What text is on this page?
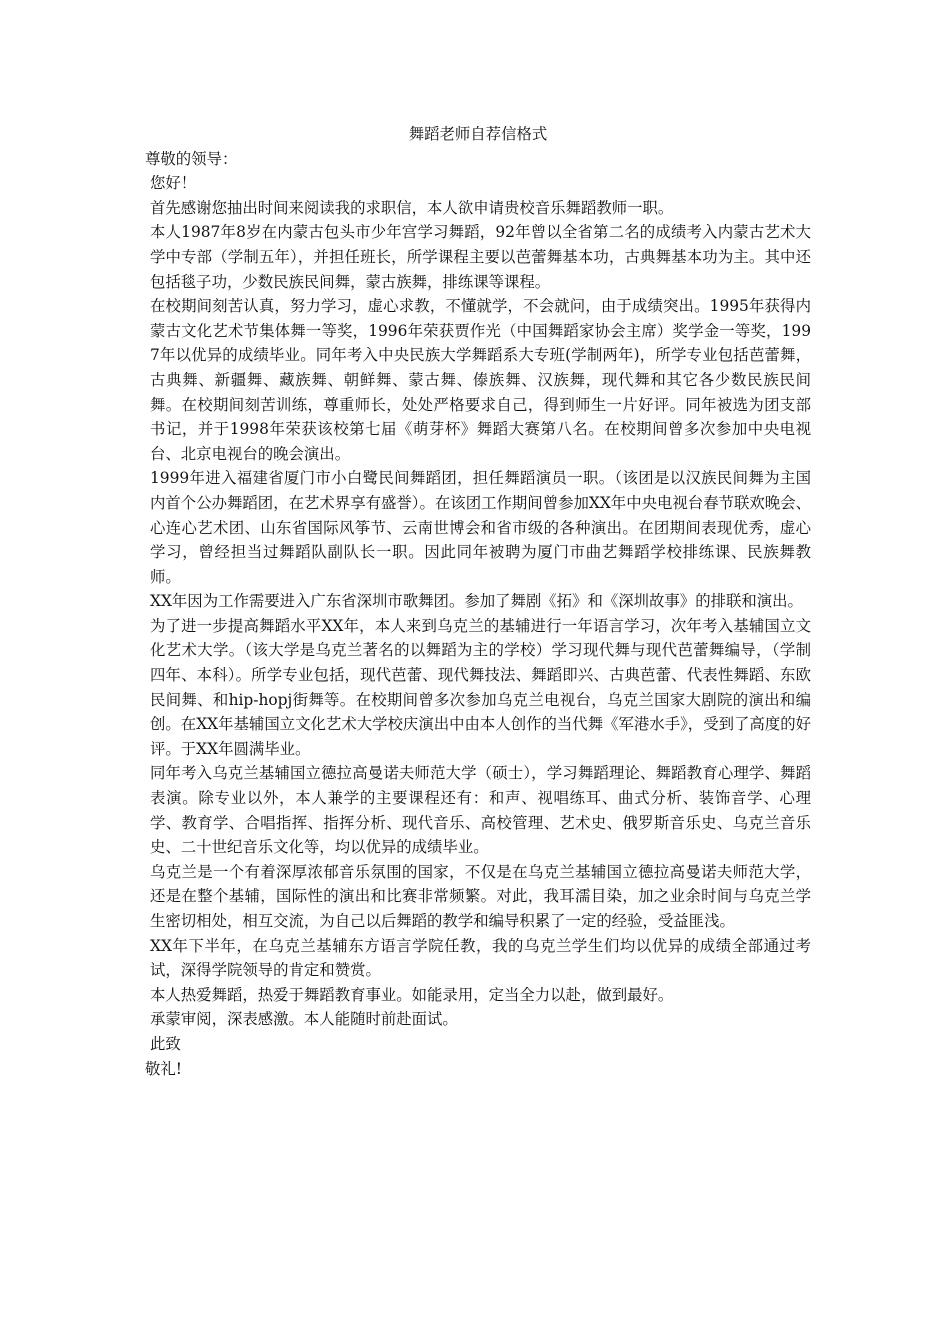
舞蹈老师自荐信格式

尊敬的领导：

您好！

首先感谢您抽出时间来阅读我的求职信，本人欲申请贵校音乐舞蹈教师一职。

本人1987年8岁在内蒙古包头市少年宫学习舞蹈，92年曾以全省第二名的成绩考入内蒙古艺术大学中专部（学制五年），并担任班长，所学课程主要以芭蕾舞基本功，古典舞基本功为主。其中还包括毯子功，少数民族民间舞，蒙古族舞，排练课等课程。

在校期间刻苦认真，努力学习，虚心求教，不懂就学，不会就问，由于成绩突出。1995年获得内蒙古文化艺术节集体舞一等奖，1996年荣获贾作光（中国舞蹈家协会主席）奖学金一等奖，1997年以优异的成绩毕业。同年考入中央民族大学舞蹈系大专班(学制两年)，所学专业包括芭蕾舞，古典舞、新疆舞、藏族舞、朝鲜舞、蒙古舞、傣族舞、汉族舞，现代舞和其它各少数民族民间舞。在校期间刻苦训练，尊重师长，处处严格要求自己，得到师生一片好评。同年被选为团支部书记，并于1998年荣获该校第七届《萌芽杯》舞蹈大赛第八名。在校期间曾多次参加中央电视台、北京电视台的晚会演出。

1999年进入福建省厦门市小白鹭民间舞蹈团，担任舞蹈演员一职。（该团是以汉族民间舞为主国内首个公办舞蹈团，在艺术界享有盛誉）。在该团工作期间曾参加XX年中央电视台春节联欢晚会、心连心艺术团、山东省国际风筝节、云南世博会和省市级的各种演出。在团期间表现优秀，虚心学习，曾经担当过舞蹈队副队长一职。因此同年被聘为厦门市曲艺舞蹈学校排练课、民族舞教师。

XX年因为工作需要进入广东省深圳市歌舞团。参加了舞剧《拓》和《深圳故事》的排联和演出。

为了进一步提高舞蹈水平XX年，本人来到乌克兰的基辅进行一年语言学习，次年考入基辅国立文化艺术大学。（该大学是乌克兰著名的以舞蹈为主的学校）学习现代舞与现代芭蕾舞编导，（学制四年、本科）。所学专业包括，现代芭蕾、现代舞技法、舞蹈即兴、古典芭蕾、代表性舞蹈、东欧民间舞、和hip-hopj街舞等。在校期间曾多次参加乌克兰电视台，乌克兰国家大剧院的演出和编创。在XX年基辅国立文化艺术大学校庆演出中由本人创作的当代舞《军港水手》，受到了高度的好评。于XX年圆满毕业。

同年考入乌克兰基辅国立德拉高曼诺夫师范大学（硕士），学习舞蹈理论、舞蹈教育心理学、舞蹈表演。除专业以外，本人兼学的主要课程还有：和声、视唱练耳、曲式分析、装饰音学、心理学、教育学、合唱指挥、指挥分析、现代音乐、高校管理、艺术史、俄罗斯音乐史、乌克兰音乐史、二十世纪音乐文化等，均以优异的成绩毕业。

乌克兰是一个有着深厚浓郁音乐氛围的国家，不仅是在乌克兰基辅国立德拉高曼诺夫师范大学，还是在整个基辅，国际性的演出和比赛非常频繁。对此，我耳濡目染，加之业余时间与乌克兰学生密切相处，相互交流，为自己以后舞蹈的教学和编导积累了一定的经验，受益匪浅。

XX年下半年，在乌克兰基辅东方语言学院任教，我的乌克兰学生们均以优异的成绩全部通过考试，深得学院领导的肯定和赞赏。

本人热爱舞蹈，热爱于舞蹈教育事业。如能录用，定当全力以赴，做到最好。

承蒙审阅，深表感激。本人能随时前赴面试。

此致

敬礼!
